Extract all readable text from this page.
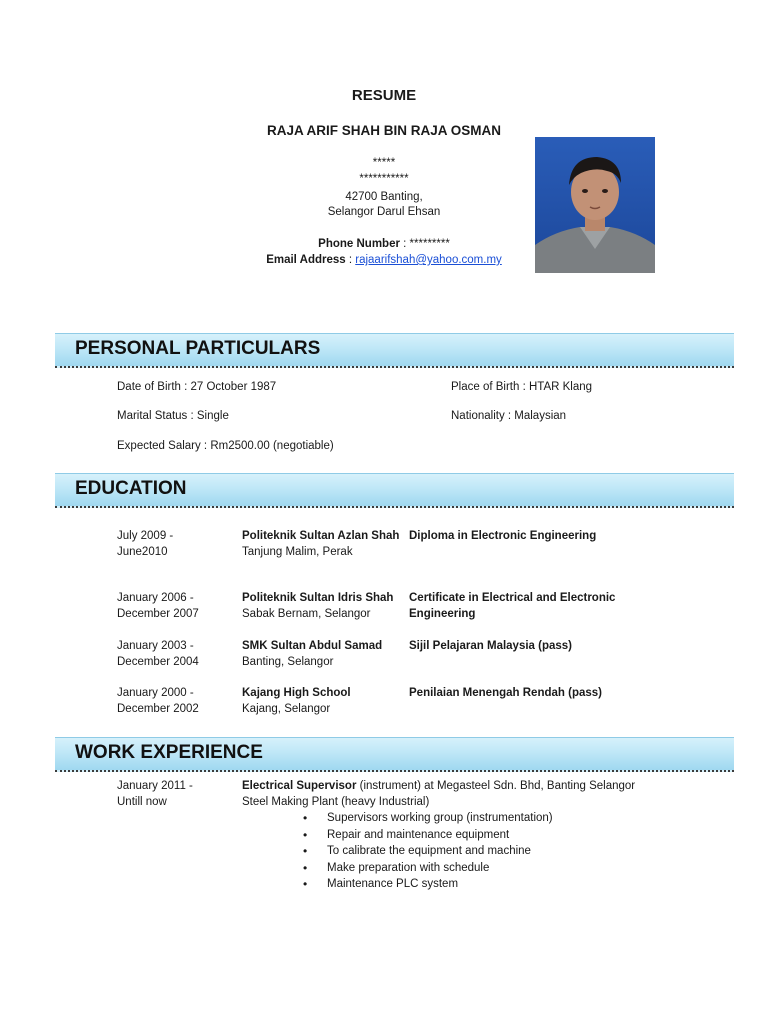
RESUME
RAJA ARIF SHAH BIN RAJA OSMAN
*****
***********
42700 Banting,
Selangor Darul Ehsan
Phone Number : *********
Email Address : rajaarifshah@yahoo.com.my
PERSONAL PARTICULARS
Date of Birth : 27 October 1987	Place of Birth : HTAR Klang
Marital Status : Single	Nationality : Malaysian
Expected Salary : Rm2500.00 (negotiable)
EDUCATION
July 2009 -
June2010
Politeknik Sultan Azlan Shah
Tanjung Malim, Perak
Diploma in Electronic Engineering
January 2006 -
December 2007
Politeknik Sultan Idris Shah
Sabak Bernam, Selangor
Certificate in Electrical and Electronic
Engineering
January 2003 -
December 2004
SMK Sultan Abdul Samad
Banting, Selangor
Sijil Pelajaran Malaysia (pass)
January 2000 -
December 2002
Kajang High School
Kajang, Selangor
Penilaian Menengah Rendah (pass)
WORK EXPERIENCE
January 2011 -
Untill now
Electrical Supervisor (instrument) at Megasteel Sdn. Bhd, Banting Selangor
Steel Making Plant (heavy Industrial)
• Supervisors working group (instrumentation)
• Repair and maintenance equipment
• To calibrate the equipment and machine
• Make preparation with schedule
• Maintenance PLC system
